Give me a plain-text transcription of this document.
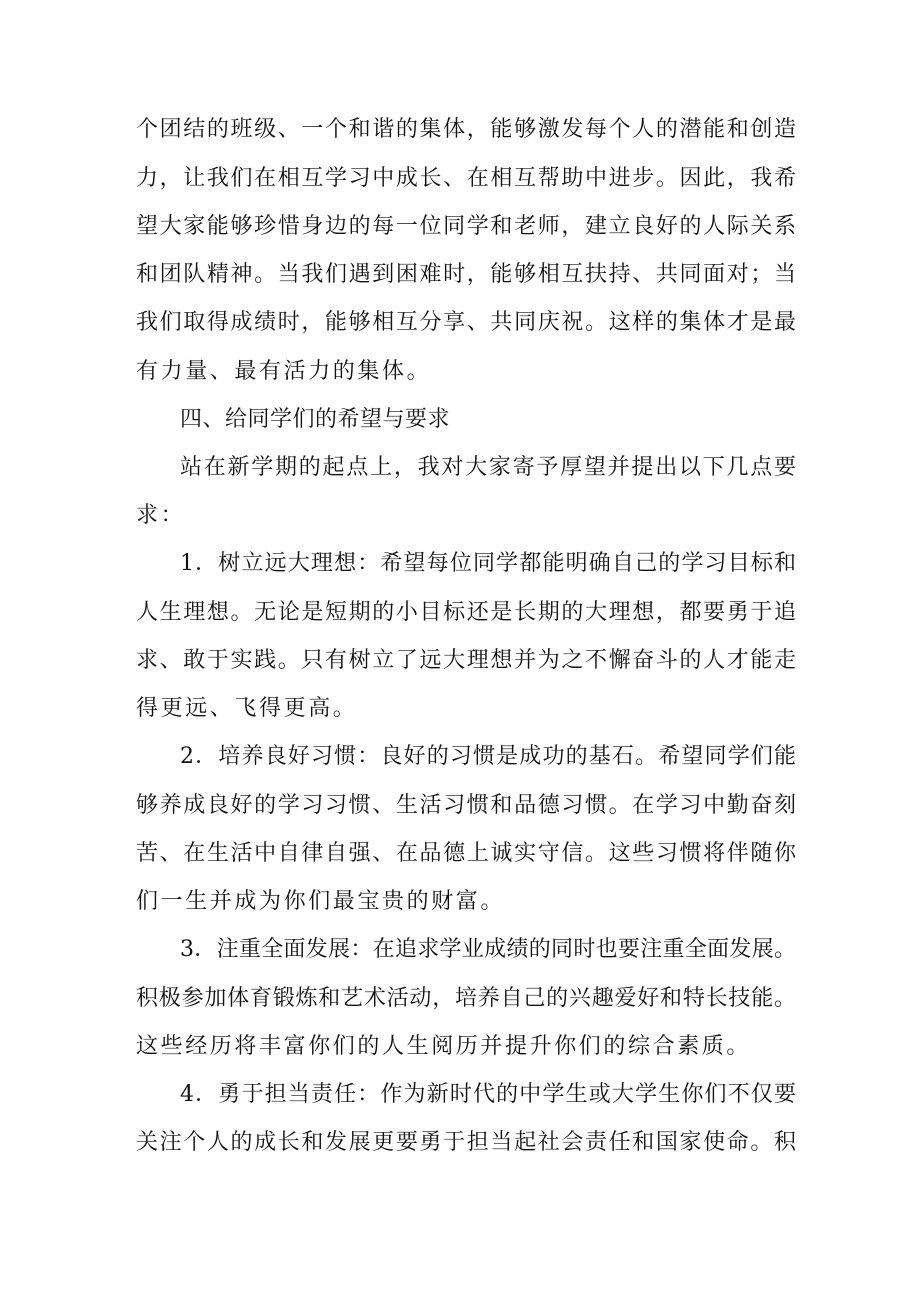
个团结的班级、一个和谐的集体，能够激发每个人的潜能和创造
力，让我们在相互学习中成长、在相互帮助中进步。因此，我希
望大家能够珍惜身边的每一位同学和老师，建立良好的人际关系
和团队精神。当我们遇到困难时，能够相互扶持、共同面对；当
我们取得成绩时，能够相互分享、共同庆祝。这样的集体才是最
有力量、最有活力的集体。
四、给同学们的希望与要求
站在新学期的起点上，我对大家寄予厚望并提出以下几点要
求：
1．树立远大理想：希望每位同学都能明确自己的学习目标和
人生理想。无论是短期的小目标还是长期的大理想，都要勇于追
求、敢于实践。只有树立了远大理想并为之不懈奋斗的人才能走
得更远、飞得更高。
2．培养良好习惯：良好的习惯是成功的基石。希望同学们能
够养成良好的学习习惯、生活习惯和品德习惯。在学习中勤奋刻
苦、在生活中自律自强、在品德上诚实守信。这些习惯将伴随你
们一生并成为你们最宝贵的财富。
3．注重全面发展：在追求学业成绩的同时也要注重全面发展。
积极参加体育锻炼和艺术活动，培养自己的兴趣爱好和特长技能。
这些经历将丰富你们的人生阅历并提升你们的综合素质。
4．勇于担当责任：作为新时代的中学生或大学生你们不仅要
关注个人的成长和发展更要勇于担当起社会责任和国家使命。积
